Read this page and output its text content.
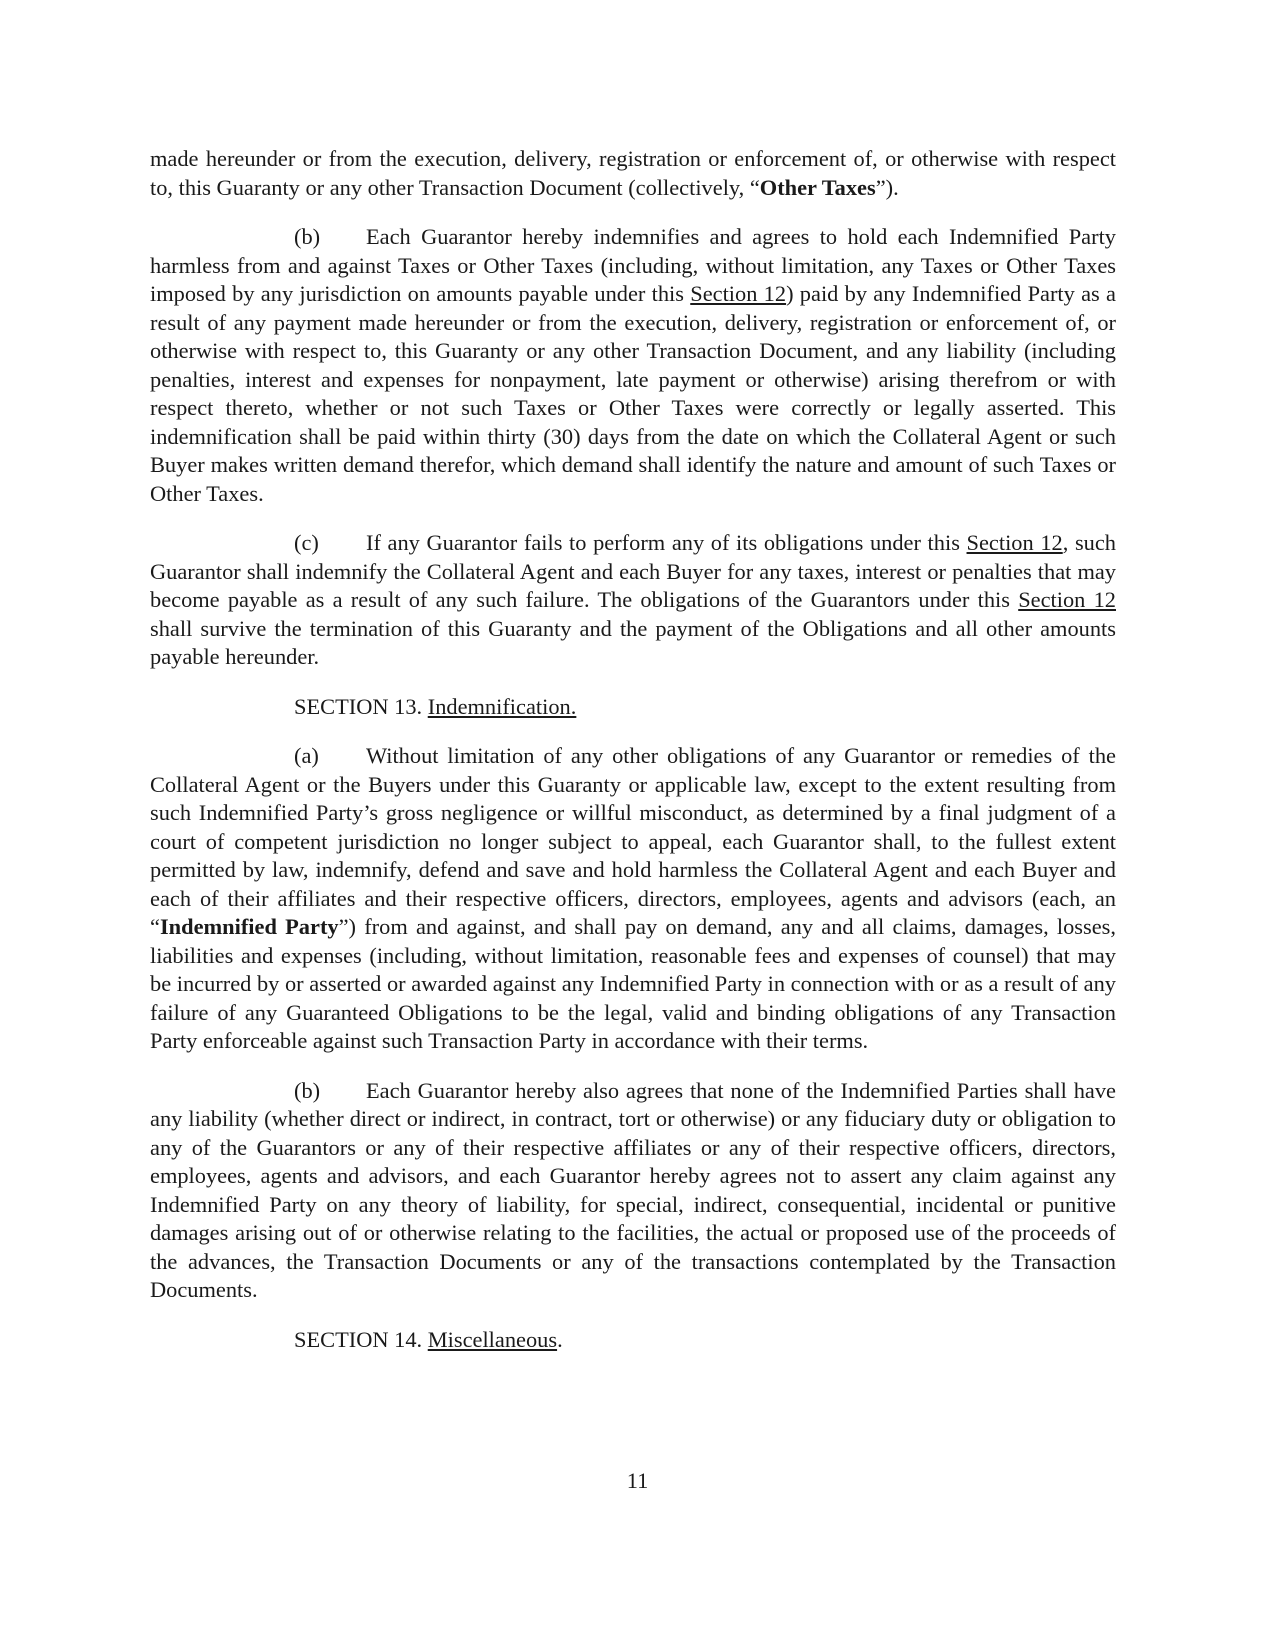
made hereunder or from the execution, delivery, registration or enforcement of, or otherwise with respect to, this Guaranty or any other Transaction Document (collectively, “Other Taxes”).

(b) Each Guarantor hereby indemnifies and agrees to hold each Indemnified Party harmless from and against Taxes or Other Taxes (including, without limitation, any Taxes or Other Taxes imposed by any jurisdiction on amounts payable under this Section 12) paid by any Indemnified Party as a result of any payment made hereunder or from the execution, delivery, registration or enforcement of, or otherwise with respect to, this Guaranty or any other Transaction Document, and any liability (including penalties, interest and expenses for nonpayment, late payment or otherwise) arising therefrom or with respect thereto, whether or not such Taxes or Other Taxes were correctly or legally asserted. This indemnification shall be paid within thirty (30) days from the date on which the Collateral Agent or such Buyer makes written demand therefor, which demand shall identify the nature and amount of such Taxes or Other Taxes.

(c) If any Guarantor fails to perform any of its obligations under this Section 12, such Guarantor shall indemnify the Collateral Agent and each Buyer for any taxes, interest or penalties that may become payable as a result of any such failure. The obligations of the Guarantors under this Section 12 shall survive the termination of this Guaranty and the payment of the Obligations and all other amounts payable hereunder.

SECTION 13. Indemnification.

(a) Without limitation of any other obligations of any Guarantor or remedies of the Collateral Agent or the Buyers under this Guaranty or applicable law, except to the extent resulting from such Indemnified Party’s gross negligence or willful misconduct, as determined by a final judgment of a court of competent jurisdiction no longer subject to appeal, each Guarantor shall, to the fullest extent permitted by law, indemnify, defend and save and hold harmless the Collateral Agent and each Buyer and each of their affiliates and their respective officers, directors, employees, agents and advisors (each, an “Indemnified Party”) from and against, and shall pay on demand, any and all claims, damages, losses, liabilities and expenses (including, without limitation, reasonable fees and expenses of counsel) that may be incurred by or asserted or awarded against any Indemnified Party in connection with or as a result of any failure of any Guaranteed Obligations to be the legal, valid and binding obligations of any Transaction Party enforceable against such Transaction Party in accordance with their terms.

(b) Each Guarantor hereby also agrees that none of the Indemnified Parties shall have any liability (whether direct or indirect, in contract, tort or otherwise) or any fiduciary duty or obligation to any of the Guarantors or any of their respective affiliates or any of their respective officers, directors, employees, agents and advisors, and each Guarantor hereby agrees not to assert any claim against any Indemnified Party on any theory of liability, for special, indirect, consequential, incidental or punitive damages arising out of or otherwise relating to the facilities, the actual or proposed use of the proceeds of the advances, the Transaction Documents or any of the transactions contemplated by the Transaction Documents.

SECTION 14. Miscellaneous.

11
